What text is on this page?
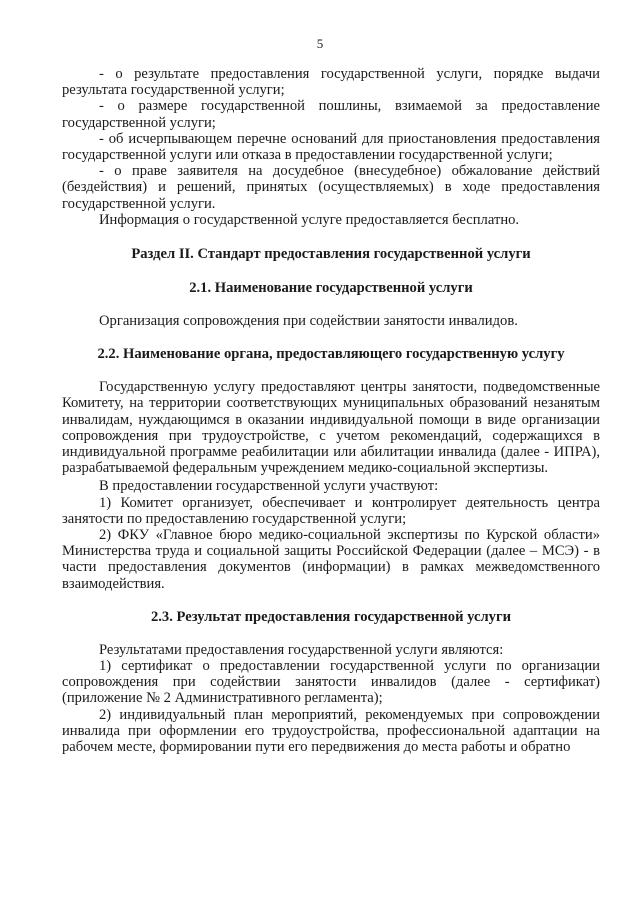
5

- о результате предоставления государственной услуги, порядке выдачи результата государственной услуги;

- о размере государственной пошлины, взимаемой за предоставление государственной услуги;

- об исчерпывающем перечне оснований для приостановления предоставления государственной услуги или отказа в предоставлении государственной услуги;

- о праве заявителя на досудебное (внесудебное) обжалование действий (бездействия) и решений, принятых (осуществляемых) в ходе предоставления государственной услуги.

Информация о государственной услуге предоставляется бесплатно.

Раздел II. Стандарт предоставления государственной услуги
2.1. Наименование государственной услуги

Организация сопровождения при содействии занятости инвалидов.

2.2. Наименование органа, предоставляющего государственную услугу

Государственную услугу предоставляют центры занятости, подведомственные Комитету, на территории соответствующих муниципальных образований незанятым инвалидам, нуждающимся в оказании индивидуальной помощи в виде организации сопровождения при трудоустройстве, с учетом рекомендаций, содержащихся в индивидуальной программе реабилитации или абилитации инвалида (далее - ИПРА), разрабатываемой федеральным учреждением медико-социальной экспертизы.

В предоставлении государственной услуги участвуют:

1) Комитет организует, обеспечивает и контролирует деятельность центра занятости по предоставлению государственной услуги;

2) ФКУ «Главное бюро медико-социальной экспертизы по Курской области» Министерства труда и социальной защиты Российской Федерации (далее – МСЭ) - в части предоставления документов (информации) в рамках межведомственного взаимодействия.

2.3. Результат предоставления государственной услуги

Результатами предоставления государственной услуги являются:

1) сертификат о предоставлении государственной услуги по организации сопровождения при содействии занятости инвалидов (далее - сертификат) (приложение № 2 Административного регламента);

2) индивидуальный план мероприятий, рекомендуемых при сопровождении инвалида при оформлении его трудоустройства, профессиональной адаптации на рабочем месте, формировании пути его передвижения до места работы и обратно
